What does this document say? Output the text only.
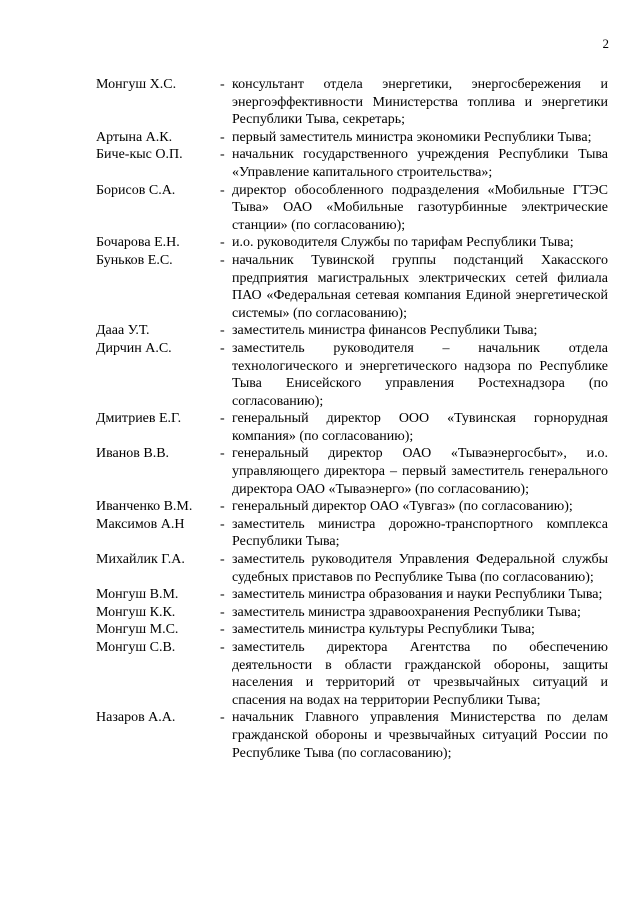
2
Монгуш Х.С.	- консультант отдела энергетики, энергосбережения и энергоэффективности Министерства топлива и энергетики Республики Тыва, секретарь;
Артына А.К.	- первый заместитель министра экономики Республики Тыва;
Биче-кыс О.П.	- начальник государственного учреждения Республики Тыва «Управление капитального строительства»;
Борисов С.А.	- директор обособленного подразделения «Мобильные ГТЭС Тыва» ОАО «Мобильные газотурбинные электрические станции» (по согласованию);
Бочарова Е.Н.	- и.о. руководителя Службы по тарифам Республики Тыва;
Буньков Е.С.	- начальник Тувинской группы подстанций Хакасского предприятия магистральных электрических сетей филиала ПАО «Федеральная сетевая компания Единой энергетической системы» (по согласованию);
Дааа У.Т.	- заместитель министра финансов Республики Тыва;
Дирчин А.С.	- заместитель руководителя – начальник отдела технологического и энергетического надзора по Республике Тыва Енисейского управления Ростехнадзора (по согласованию);
Дмитриев Е.Г.	- генеральный директор ООО «Тувинская горнорудная компания» (по согласованию);
Иванов В.В.	- генеральный директор ОАО «Тываэнергосбыт», и.о. управляющего директора – первый заместитель генерального директора ОАО «Тываэнерго» (по согласованию);
Иванченко В.М.	- генеральный директор ОАО «Тувгаз» (по согласованию);
Максимов А.Н	- заместитель министра дорожно-транспортного комплекса Республики Тыва;
Михайлик Г.А.	- заместитель руководителя Управления Федеральной службы судебных приставов по Республике Тыва (по согласованию);
Монгуш В.М.	- заместитель министра образования и науки Республики Тыва;
Монгуш К.К.	- заместитель министра здравоохранения Республики Тыва;
Монгуш М.С.	- заместитель министра культуры Республики Тыва;
Монгуш С.В.	- заместитель директора Агентства по обеспечению деятельности в области гражданской обороны, защиты населения и территорий от чрезвычайных ситуаций и спасения на водах на территории Республики Тыва;
Назаров А.А.	- начальник Главного управления Министерства по делам гражданской обороны и чрезвычайных ситуаций России по Республике Тыва (по согласованию);
